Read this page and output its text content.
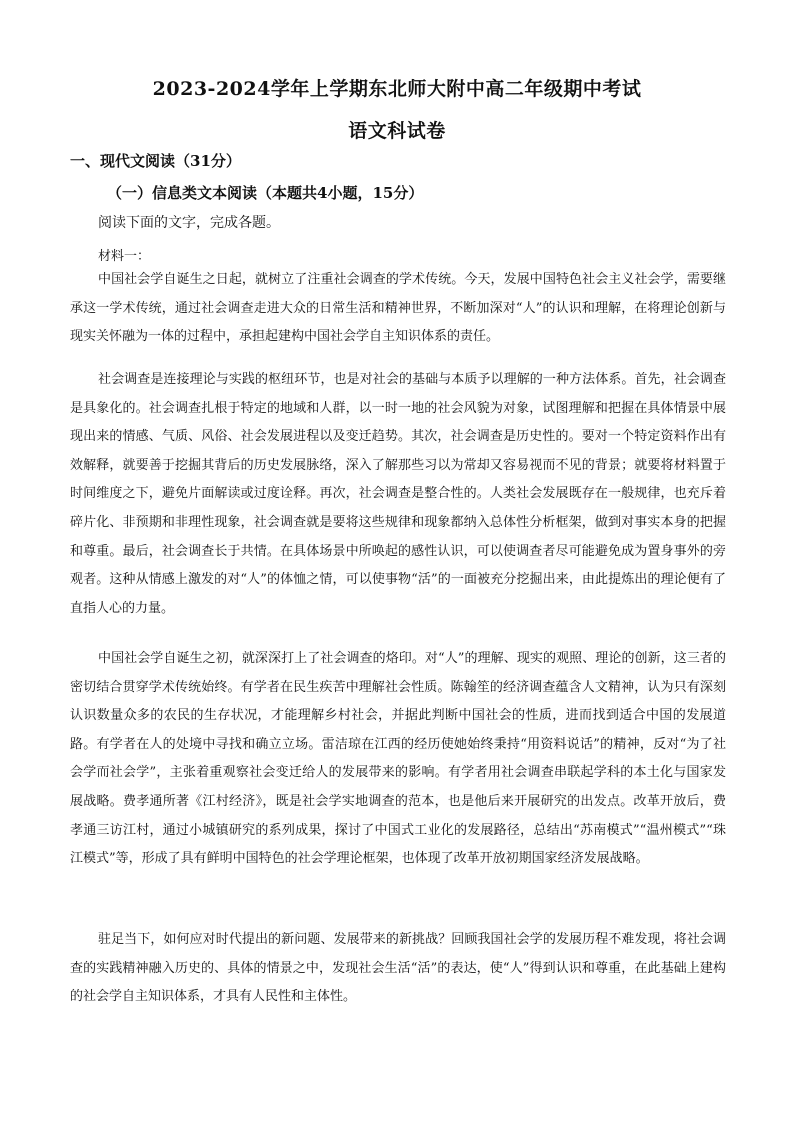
2023-2024学年上学期东北师大附中高二年级期中考试
语文科试卷
一、现代文阅读（31分）
（一）信息类文本阅读（本题共4小题，15分）
阅读下面的文字，完成各题。
材料一：

中国社会学自诞生之日起，就树立了注重社会调查的学术传统。今天，发展中国特色社会主义社会学，需要继承这一学术传统，通过社会调查走进大众的日常生活和精神世界，不断加深对“人”的认识和理解，在将理论创新与现实关怀融为一体的过程中，承担起建构中国社会学自主知识体系的责任。

社会调查是连接理论与实践的枢纽环节，也是对社会的基础与本质予以理解的一种方法体系。首先，社会调查是具象化的。社会调查扎根于特定的地域和人群，以一时一地的社会风貌为对象，试图理解和把握在具体情景中展现出来的情感、气质、风俗、社会发展进程以及变迁趋势。其次，社会调查是历史性的。要对一个特定资料作出有效解释，就要善于挖掘其背后的历史发展脉络，深入了解那些习以为常却又容易视而不见的背景；就要将材料置于时间维度之下，避免片面解读或过度诠释。再次，社会调查是整合性的。人类社会发展既存在一般规律，也充斥着碎片化、非预期和非理性现象，社会调查就是要将这些规律和现象都纳入总体性分析框架，做到对事实本身的把握和尊重。最后，社会调查长于共情。在具体场景中所唤起的感性认识，可以使调查者尽可能避免成为置身事外的旁观者。这种从情感上激发的对“人”的体恤之情，可以使事物“活”的一面被充分挖掘出来，由此提炼出的理论便有了直指人心的力量。

中国社会学自诞生之初，就深深打上了社会调查的烙印。对“人”的理解、现实的观照、理论的创新，这三者的密切结合贯穿学术传统始终。有学者在民生疾苦中理解社会性质。陈翰笙的经济调查蕴含人文精神，认为只有深刻认识数量众多的农民的生存状况，才能理解乡村社会，并据此判断中国社会的性质，进而找到适合中国的发展道路。有学者在人的处境中寻找和确立立场。雷洁琼在江西的经历使她始终秉持“用资料说话”的精神，反对“为了社会学而社会学”，主张着重观察社会变迁给人的发展带来的影响。有学者用社会调查串联起学科的本土化与国家发展战略。费孝通所著《江村经济》，既是社会学实地调查的范本，也是他后来开展研究的出发点。改革开放后，费孝通三访江村，通过小城镇研究的系列成果，探讨了中国式工业化的发展路径，总结出“苏南模式”“温州模式”“珠江模式”等，形成了具有鲜明中国特色的社会学理论框架，也体现了改革开放初期国家经济发展战略。

驻足当下，如何应对时代提出的新问题、发展带来的新挑战？回顾我国社会学的发展历程不难发现，将社会调查的实践精神融入历史的、具体的情景之中，发现社会生活“活”的表达，使“人”得到认识和尊重，在此基础上建构的社会学自主知识体系，才具有人民性和主体性。
